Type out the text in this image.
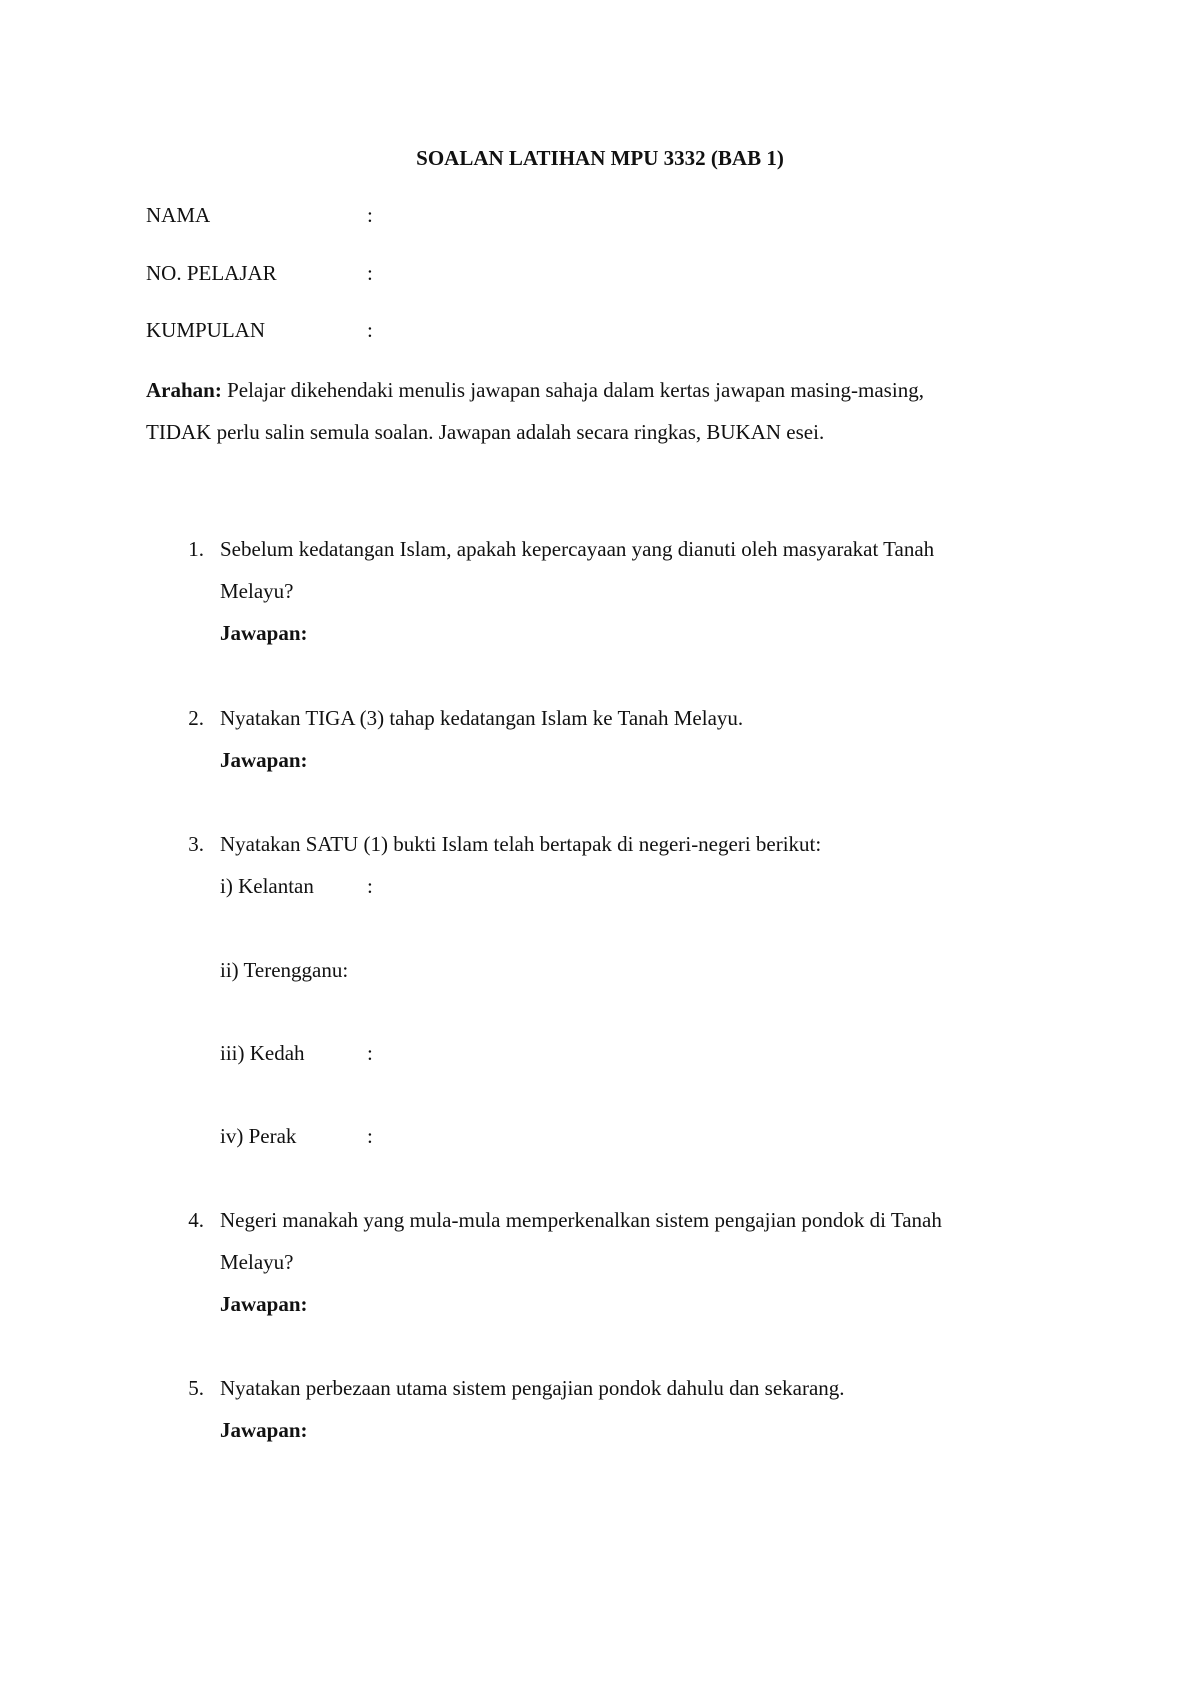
SOALAN LATIHAN MPU 3332 (BAB 1)
NAMA	:
NO. PELAJAR	:
KUMPULAN	:
Arahan: Pelajar dikehendaki menulis jawapan sahaja dalam kertas jawapan masing-masing,
TIDAK perlu salin semula soalan. Jawapan adalah secara ringkas, BUKAN esei.
1. Sebelum kedatangan Islam, apakah kepercayaan yang dianuti oleh masyarakat Tanah
Melayu?
Jawapan:
2. Nyatakan TIGA (3) tahap kedatangan Islam ke Tanah Melayu.
Jawapan:
3. Nyatakan SATU (1) bukti Islam telah bertapak di negeri-negeri berikut:
i) Kelantan	:
ii) Terengganu:
iii) Kedah	:
iv) Perak	:
4. Negeri manakah yang mula-mula memperkenalkan sistem pengajian pondok di Tanah
Melayu?
Jawapan:
5. Nyatakan perbezaan utama sistem pengajian pondok dahulu dan sekarang.
Jawapan:
